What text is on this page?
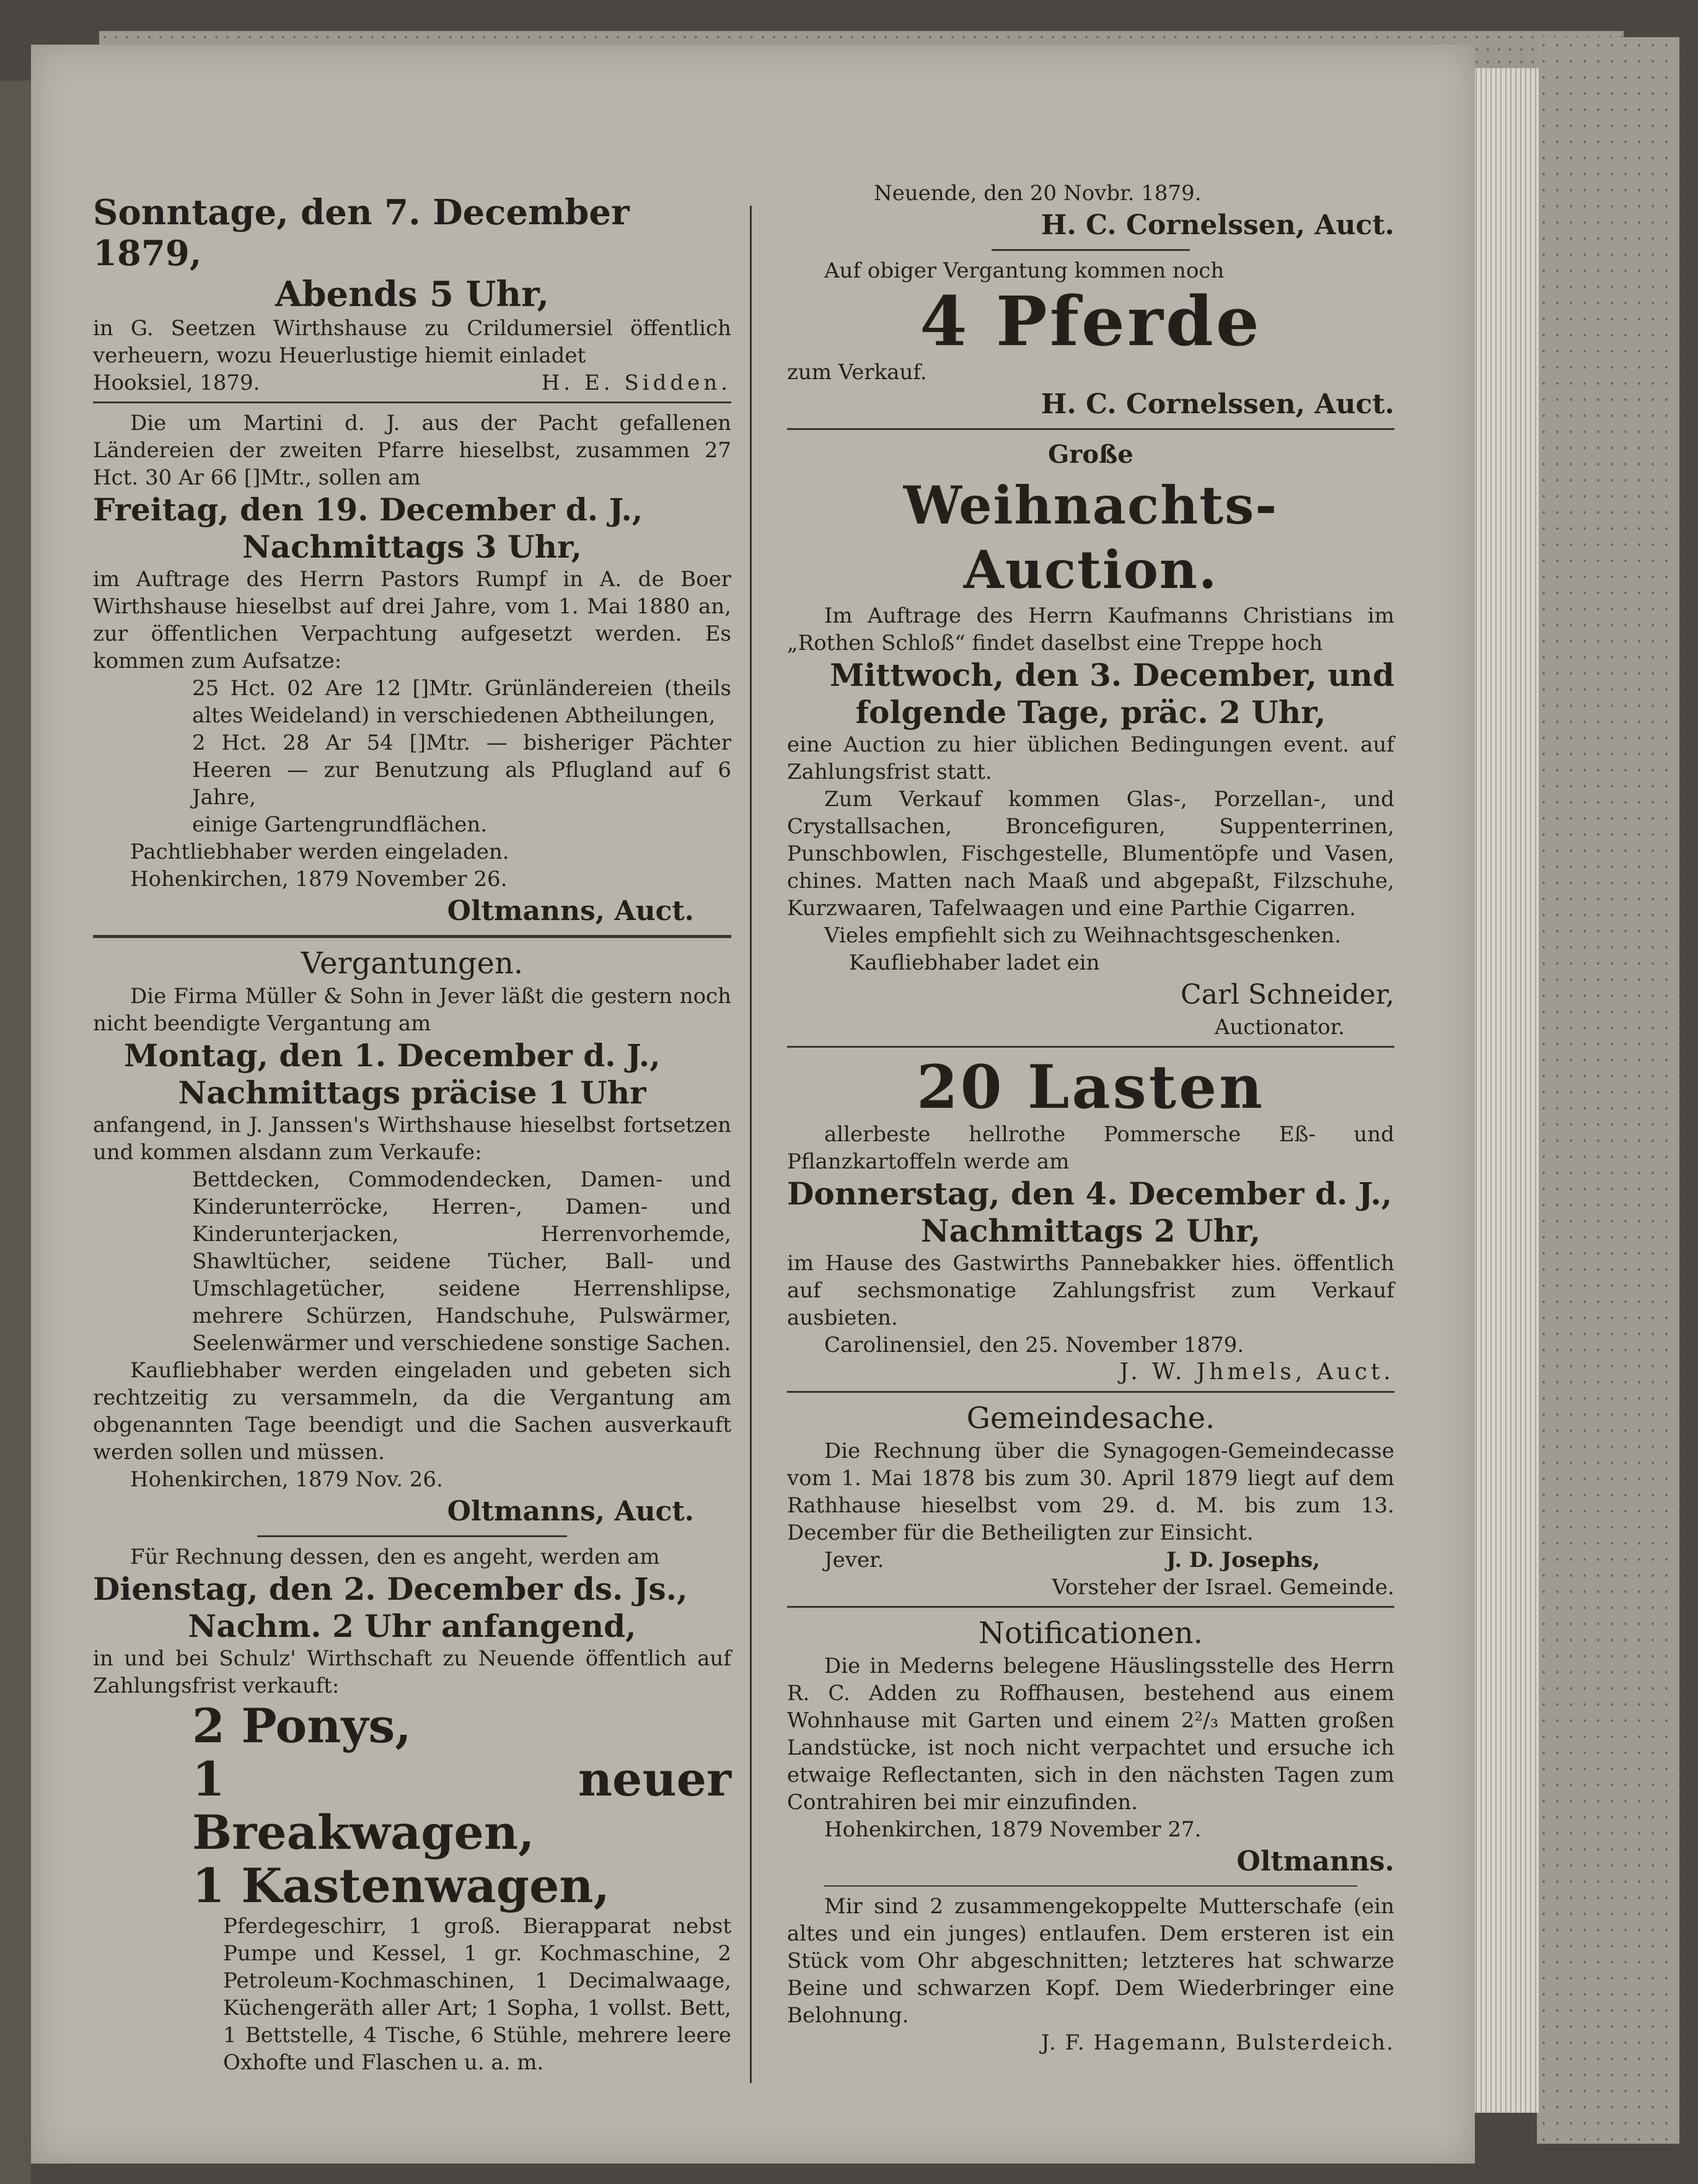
Sonntage, den 7. December 1879,

Abends 5 Uhr,

in G. Seetzen Wirthshause zu Crildumersiel öffentlich verheuern, wozu Heuerlustige hiemit einladet

Hooksiel, 1879.	H. E. Sidden.

Die um Martini d. J. aus der Pacht gefallenen Ländereien der zweiten Pfarre hieselbst, zusammen 27 Hct. 30 Ar 66 []Mtr., sollen am

Freitag, den 19. December d. J.,

Nachmittags 3 Uhr,

im Auftrage des Herrn Pastors Rumpf in A. de Boer Wirthshause hieselbst auf drei Jahre, vom 1. Mai 1880 an, zur öffentlichen Verpachtung aufgesetzt werden. Es kommen zum Aufsatze:

25 Hct. 02 Are 12 []Mtr. Grünländereien (theils altes Weideland) in verschiedenen Abtheilungen,

2 Hct. 28 Ar 54 []Mtr. — bisheriger Pächter Heeren — zur Benutzung als Pflugland auf 6 Jahre,

einige Gartengrundflächen.

Pachtliebhaber werden eingeladen.

Hohenkirchen, 1879 November 26.

Oltmanns, Auct.

Vergantungen.

Die Firma Müller & Sohn in Jever läßt die gestern noch nicht beendigte Vergantung am

Montag, den 1. December d. J.,

Nachmittags präcise 1 Uhr

anfangend, in J. Janssen's Wirthshause hieselbst fortsetzen und kommen alsdann zum Verkaufe:

Bettdecken, Commodendecken, Damen- und Kinderunterröcke, Herren-, Damen- und Kinderunterjacken, Herrenvorhemde, Shawltücher, seidene Tücher, Ball- und Umschlagetücher, seidene Herrenshlipse, mehrere Schürzen, Handschuhe, Pulswärmer, Seelenwärmer und verschiedene sonstige Sachen.

Kaufliebhaber werden eingeladen und gebeten sich rechtzeitig zu versammeln, da die Vergantung am obgenannten Tage beendigt und die Sachen ausverkauft werden sollen und müssen.

Hohenkirchen, 1879 Nov. 26.

Oltmanns, Auct.

Für Rechnung dessen, den es angeht, werden am

Dienstag, den 2. December ds. Js.,

Nachm. 2 Uhr anfangend,

in und bei Schulz' Wirthschaft zu Neuende öffentlich auf Zahlungsfrist verkauft:

2 Ponys,

1 neuer Breakwagen,

1 Kastenwagen,

Pferdegeschirr, 1 groß. Bierapparat nebst Pumpe und Kessel, 1 gr. Kochmaschine, 2 Petroleum-Kochmaschinen, 1 Decimalwaage, Küchengeräth aller Art; 1 Sopha, 1 vollst. Bett, 1 Bettstelle, 4 Tische, 6 Stühle, mehrere leere Oxhofte und Flaschen u. a. m.

Neuende, den 20 Novbr. 1879.

H. C. Cornelssen, Auct.

Auf obiger Vergantung kommen noch

4 Pferde

zum Verkauf.

H. C. Cornelssen, Auct.

Große

Weihnachts-Auction.

Im Auftrage des Herrn Kaufmanns Christians im „Rothen Schloß“ findet daselbst eine Treppe hoch

Mittwoch, den 3. December, und

folgende Tage, präc. 2 Uhr,

eine Auction zu hier üblichen Bedingungen event. auf Zahlungsfrist statt.

Zum Verkauf kommen Glas-, Porzellan-, und Crystallsachen, Broncefiguren, Suppenterrinen, Punschbowlen, Fischgestelle, Blumentöpfe und Vasen, chines. Matten nach Maaß und abgepaßt, Filzschuhe, Kurzwaaren, Tafelwaagen und eine Parthie Cigarren.

Vieles empfiehlt sich zu Weihnachtsgeschenken.

Kaufliebhaber ladet ein

Carl Schneider,

Auctionator.

20 Lasten

allerbeste hellrothe Pommersche Eß- und Pflanzkartoffeln werde am

Donnerstag, den 4. December d. J.,

Nachmittags 2 Uhr,

im Hause des Gastwirths Pannebakker hies. öffentlich auf sechsmonatige Zahlungsfrist zum Verkauf ausbieten.

Carolinensiel, den 25. November 1879.

J. W. Jhmels, Auct.

Gemeindesache.

Die Rechnung über die Synagogen-Gemeindecasse vom 1. Mai 1878 bis zum 30. April 1879 liegt auf dem Rathhause hieselbst vom 29. d. M. bis zum 13. December für die Betheiligten zur Einsicht.

Jever.	J. D. Josephs,

Vorsteher der Israel. Gemeinde.

Notificationen.

Die in Mederns belegene Häuslingsstelle des Herrn R. C. Adden zu Roffhausen, bestehend aus einem Wohnhause mit Garten und einem 2²/₃ Matten großen Landstücke, ist noch nicht verpachtet und ersuche ich etwaige Reflectanten, sich in den nächsten Tagen zum Contrahiren bei mir einzufinden.

Hohenkirchen, 1879 November 27.

Oltmanns.

Mir sind 2 zusammengekoppelte Mutterschafe (ein altes und ein junges) entlaufen. Dem ersteren ist ein Stück vom Ohr abgeschnitten; letzteres hat schwarze Beine und schwarzen Kopf. Dem Wiederbringer eine Belohnung.

J. F. Hagemann, Bulsterdeich.
